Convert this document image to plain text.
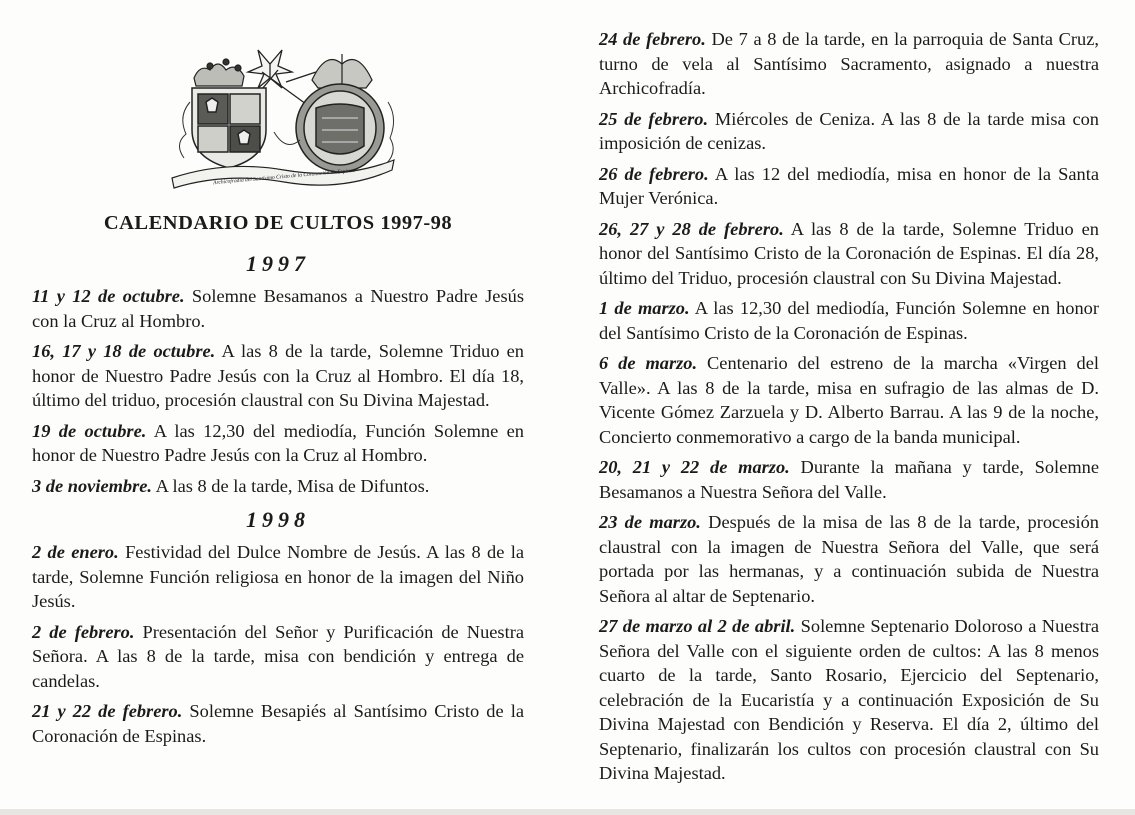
Archicofradía del Santísimo Cristo de la Coronación de Espinas
CALENDARIO DE CULTOS 1997-98
1997

11 y 12 de octubre. Solemne Besamanos a Nuestro Padre Jesús con la Cruz al Hombro.

16, 17 y 18 de octubre. A las 8 de la tarde, Solemne Triduo en honor de Nuestro Padre Jesús con la Cruz al Hombro. El día 18, último del triduo, procesión claustral con Su Divina Majestad.

19 de octubre. A las 12,30 del mediodía, Función Solemne en honor de Nuestro Padre Jesús con la Cruz al Hombro.

3 de noviembre. A las 8 de la tarde, Misa de Difuntos.

1998

2 de enero. Festividad del Dulce Nombre de Jesús. A las 8 de la tarde, Solemne Función religiosa en honor de la imagen del Niño Jesús.

2 de febrero. Presentación del Señor y Purificación de Nuestra Señora. A las 8 de la tarde, misa con bendición y entrega de candelas.

21 y 22 de febrero. Solemne Besapiés al Santísimo Cristo de la Coronación de Espinas.

24 de febrero. De 7 a 8 de la tarde, en la parroquia de Santa Cruz, turno de vela al Santísimo Sacramento, asignado a nuestra Archicofradía.

25 de febrero. Miércoles de Ceniza. A las 8 de la tarde misa con imposición de cenizas.

26 de febrero. A las 12 del mediodía, misa en honor de la Santa Mujer Verónica.

26, 27 y 28 de febrero. A las 8 de la tarde, Solemne Triduo en honor del Santísimo Cristo de la Coronación de Espinas. El día 28, último del Triduo, procesión claustral con Su Divina Majestad.

1 de marzo. A las 12,30 del mediodía, Función Solemne en honor del Santísimo Cristo de la Coronación de Espinas.

6 de marzo. Centenario del estreno de la marcha «Virgen del Valle». A las 8 de la tarde, misa en sufragio de las almas de D. Vicente Gómez Zarzuela y D. Alberto Barrau. A las 9 de la noche, Concierto conmemorativo a cargo de la banda municipal.

20, 21 y 22 de marzo. Durante la mañana y tarde, Solemne Besamanos a Nuestra Señora del Valle.

23 de marzo. Después de la misa de las 8 de la tarde, procesión claustral con la imagen de Nuestra Señora del Valle, que será portada por las hermanas, y a continuación subida de Nuestra Señora al altar de Septenario.

27 de marzo al 2 de abril. Solemne Septenario Doloroso a Nuestra Señora del Valle con el siguiente orden de cultos: A las 8 menos cuarto de la tarde, Santo Rosario, Ejercicio del Septenario, celebración de la Eucaristía y a continuación Exposición de Su Divina Majestad con Bendición y Reserva. El día 2, último del Septenario, finalizarán los cultos con procesión claustral con Su Divina Majestad.
